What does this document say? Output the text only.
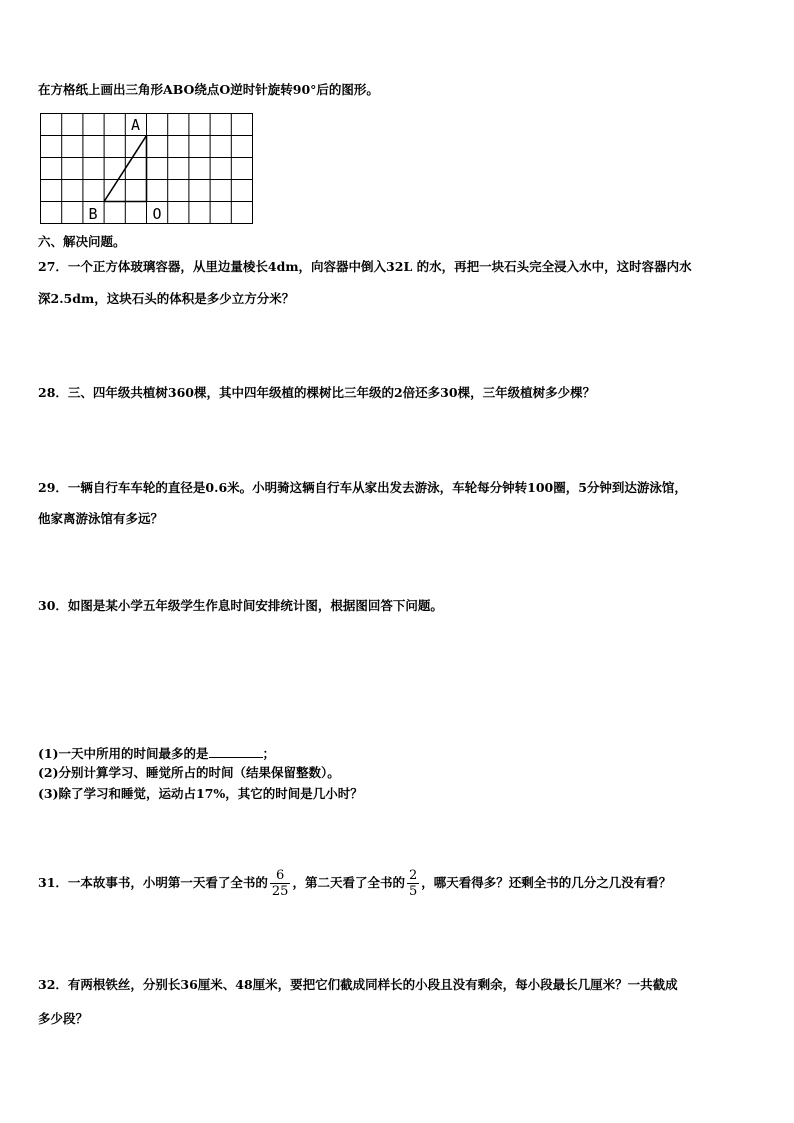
在方格纸上画出三角形ABO绕点O逆时针旋转90°后的图形。
A
B	O
六、解决问题。
27．一个正方体玻璃容器，从里边量棱长4dm，向容器中倒入32L 的水，再把一块石头完全浸入水中，这时容器内水
深2.5dm，这块石头的体积是多少立方分米？
28．三、四年级共植树360棵，其中四年级植的棵树比三年级的2倍还多30棵，三年级植树多少棵？
29．一辆自行车车轮的直径是0.6米。小明骑这辆自行车从家出发去游泳，车轮每分钟转100圈，5分钟到达游泳馆，
他家离游泳馆有多远？
30．如图是某小学五年级学生作息时间安排统计图，根据图回答下问题。
(1)一天中所用的时间最多的是	；
(2)分别计算学习、睡觉所占的时间（结果保留整数）。
(3)除了学习和睡觉，运动占17%，其它的时间是几小时？
31．一本故事书，小明第一天看了全书的 $\frac{6}{25}$ ，第二天看了全书的 $\frac{2}{5}$ ，哪天看得多？还剩全书的几分之几没有看？
32．有两根铁丝，分别长36厘米、48厘米，要把它们截成同样长的小段且没有剩余，每小段最长几厘米？一共截成
多少段？
